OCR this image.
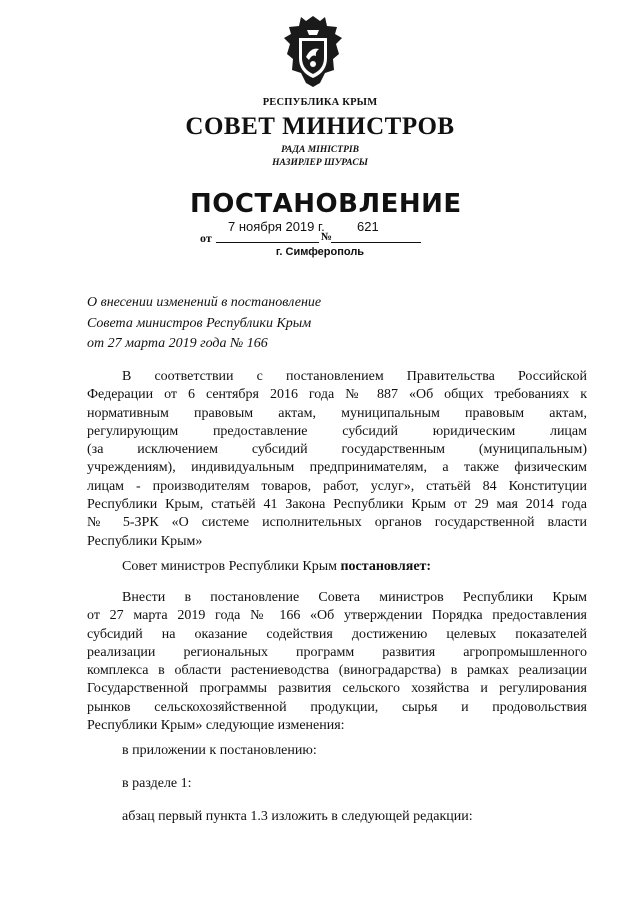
РЕСПУБЛИКА КРЫМ
СОВЕТ МИНИСТРОВ
РАДА МІНІСТРІВ
НАЗИРЛЕР ШУРАСЫ
ПОСТАНОВЛЕНИЕ
7 ноября 2019 г. 621
от	№
г. Симферополь
О внесении изменений в постановление
Совета министров Республики Крым
от 27 марта 2019 года № 166
В соответствии с постановлением Правительства Российской
Федерации от 6 сентября 2016 года № 887 «Об общих требованиях к
нормативным правовым актам, муниципальным правовым актам,
регулирующим предоставление субсидий юридическим лицам
(за исключением субсидий государственным (муниципальным)
учреждениям), индивидуальным предпринимателям, а также физическим
лицам - производителям товаров, работ, услуг», статьёй 84 Конституции
Республики Крым, статьёй 41 Закона Республики Крым от 29 мая 2014 года
№ 5-ЗРК «О системе исполнительных органов государственной власти
Республики Крым»
Совет министров Республики Крым постановляет:
Внести в постановление Совета министров Республики Крым
от 27 марта 2019 года № 166 «Об утверждении Порядка предоставления
субсидий на оказание содействия достижению целевых показателей
реализации региональных программ развития агропромышленного
комплекса в области растениеводства (виноградарства) в рамках реализации
Государственной программы развития сельского хозяйства и регулирования
рынков сельскохозяйственной продукции, сырья и продовольствия
Республики Крым» следующие изменения:
в приложении к постановлению:
в разделе 1:
абзац первый пункта 1.3 изложить в следующей редакции:
